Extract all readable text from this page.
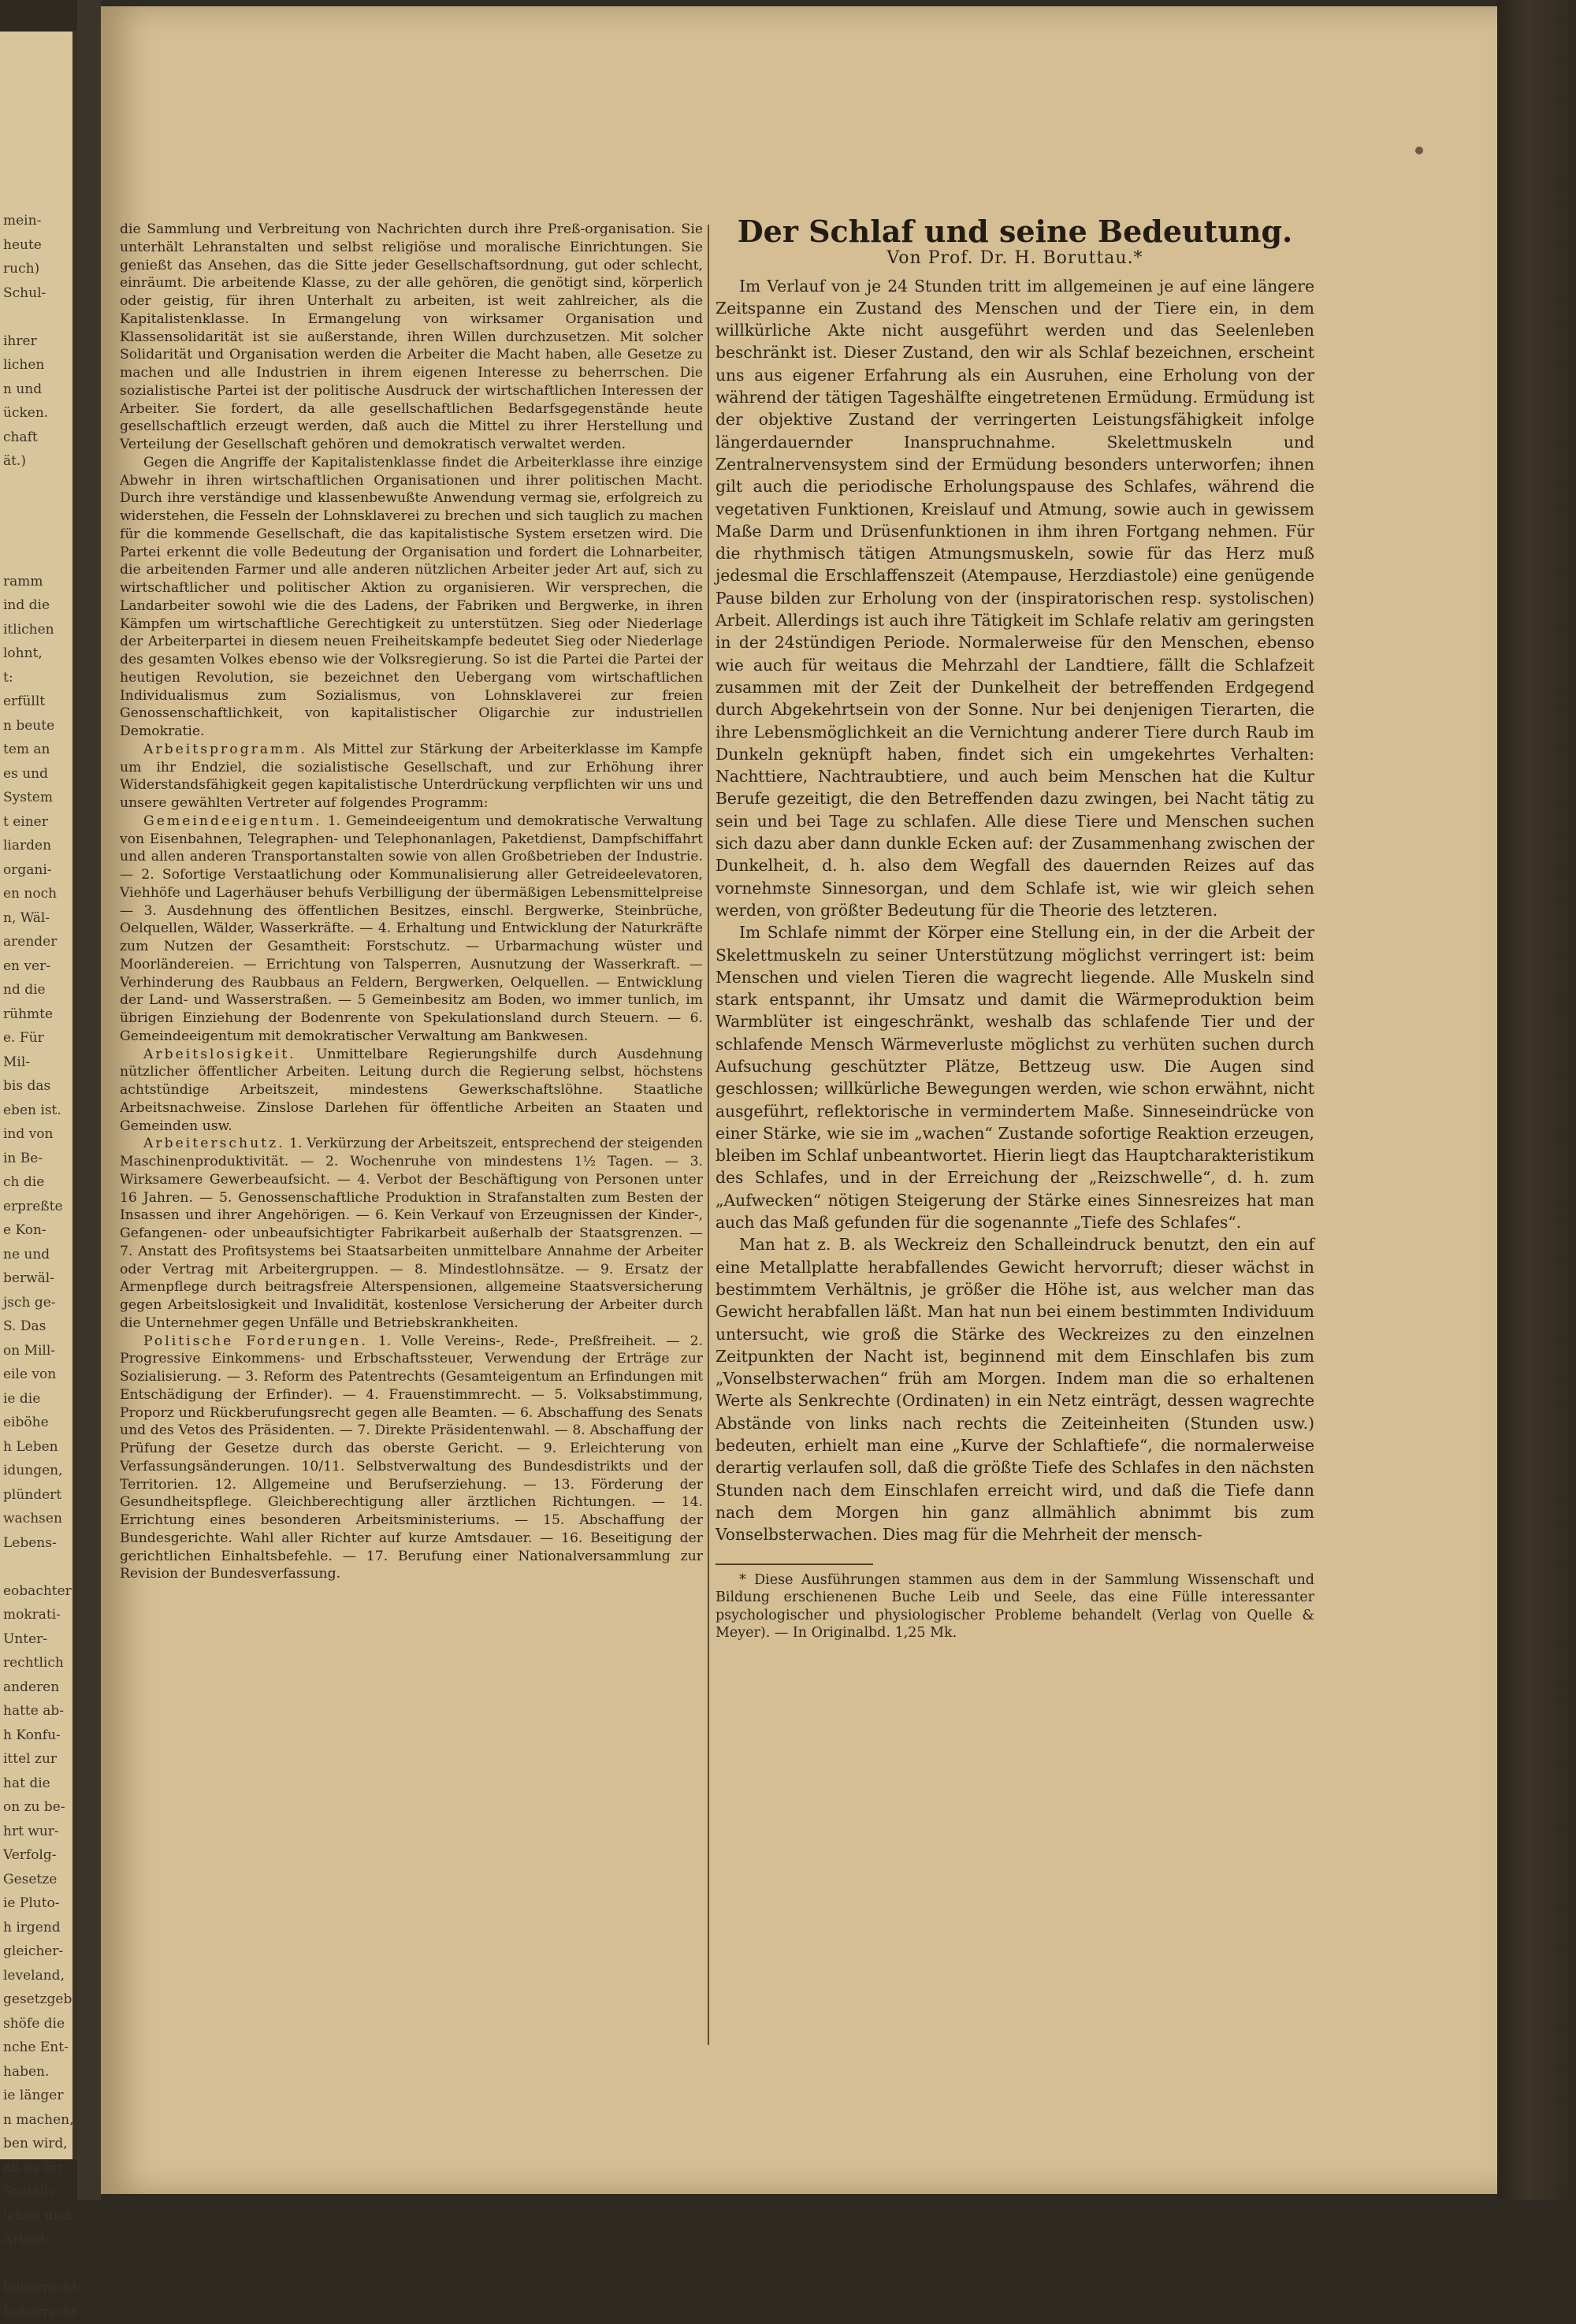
mein-
heute
ruch)
Schul-

ihrer
lichen
n und
ücken.
chaft
ät.)

ramm
ind die
itlichen
lohnt,
t:
erfüllt
n beute
tem an
es und
System
t einer
liarden
organi-
en noch
n, Wäl-
arender
en ver-
nd die
rühmte
e. Für
Mil-
bis das
eben ist.
ind von
in Be-
ch die
erpreßte
e Kon-
ne und
berwäl-
jsch ge-
S. Das
on Mill-
eile von
ie die
eiböhe
h Leben
idungen,
plündert
wachsen
Lebens-

eobachter
mokrati-
Unter-
rechtlich
anderen
hatte ab-
h Konfu-
ittel zur
hat die
on zu be-
hrt wur-
Verfolg-
Gesetze
ie Pluto-
h irgend
gleicher-
leveland,
gesetzgeb-
shöfe die
nche Ent-
haben.
ie länger
n machen,
ben wird,
aß es für
Sozialis-
iehen und
Arbeit-

beherrscht
beherrscht

die Sammlung und Verbreitung von Nachrichten durch ihre Preß-organisation. Sie unterhält Lehranstalten und selbst religiöse und moralische Einrichtungen. Sie genießt das Ansehen, das die Sitte jeder Gesellschaftsordnung, gut oder schlecht, einräumt. Die arbeitende Klasse, zu der alle gehören, die genötigt sind, körperlich oder geistig, für ihren Unterhalt zu arbeiten, ist weit zahlreicher, als die Kapitalistenklasse. In Ermangelung von wirksamer Organisation und Klassensolidarität ist sie außerstande, ihren Willen durchzusetzen. Mit solcher Solidarität und Organisation werden die Arbeiter die Macht haben, alle Gesetze zu machen und alle Industrien in ihrem eigenen Interesse zu beherrschen. Die sozialistische Partei ist der politische Ausdruck der wirtschaftlichen Interessen der Arbeiter. Sie fordert, da alle gesellschaftlichen Bedarfsgegenstände heute gesellschaftlich erzeugt werden, daß auch die Mittel zu ihrer Herstellung und Verteilung der Gesellschaft gehören und demokratisch verwaltet werden.

Gegen die Angriffe der Kapitalistenklasse findet die Arbeiterklasse ihre einzige Abwehr in ihren wirtschaftlichen Organisationen und ihrer politischen Macht. Durch ihre verständige und klassenbewußte Anwendung vermag sie, erfolgreich zu widerstehen, die Fesseln der Lohnsklaverei zu brechen und sich tauglich zu machen für die kommende Gesellschaft, die das kapitalistische System ersetzen wird. Die Partei erkennt die volle Bedeutung der Organisation und fordert die Lohnarbeiter, die arbeitenden Farmer und alle anderen nützlichen Arbeiter jeder Art auf, sich zu wirtschaftlicher und politischer Aktion zu organisieren. Wir versprechen, die Landarbeiter sowohl wie die des Ladens, der Fabriken und Bergwerke, in ihren Kämpfen um wirtschaftliche Gerechtigkeit zu unterstützen. Sieg oder Niederlage der Arbeiterpartei in diesem neuen Freiheitskampfe bedeutet Sieg oder Niederlage des gesamten Volkes ebenso wie der Volksregierung. So ist die Partei die Partei der heutigen Revolution, sie bezeichnet den Uebergang vom wirtschaftlichen Individualismus zum Sozialismus, von Lohnsklaverei zur freien Genossenschaftlichkeit, von kapitalistischer Oligarchie zur industriellen Demokratie.

Arbeitsprogramm. Als Mittel zur Stärkung der Arbeiterklasse im Kampfe um ihr Endziel, die sozialistische Gesellschaft, und zur Erhöhung ihrer Widerstandsfähigkeit gegen kapitalistische Unterdrückung verpflichten wir uns und unsere gewählten Vertreter auf folgendes Programm:

Gemeindeeigentum. 1. Gemeindeeigentum und demokratische Verwaltung von Eisenbahnen, Telegraphen- und Telephonanlagen, Paketdienst, Dampfschiffahrt und allen anderen Transportanstalten sowie von allen Großbetrieben der Industrie. — 2. Sofortige Verstaatlichung oder Kommunalisierung aller Getreideelevatoren, Viehhöfe und Lagerhäuser behufs Verbilligung der übermäßigen Lebensmittelpreise — 3. Ausdehnung des öffentlichen Besitzes, einschl. Bergwerke, Steinbrüche, Oelquellen, Wälder, Wasserkräfte. — 4. Erhaltung und Entwicklung der Naturkräfte zum Nutzen der Gesamtheit: Forstschutz. — Urbarmachung wüster und Moorländereien. — Errichtung von Talsperren, Ausnutzung der Wasserkraft. — Verhinderung des Raubbaus an Feldern, Bergwerken, Oelquellen. — Entwicklung der Land- und Wasserstraßen. — 5 Gemeinbesitz am Boden, wo immer tunlich, im übrigen Einziehung der Bodenrente von Spekulationsland durch Steuern. — 6. Gemeindeeigentum mit demokratischer Verwaltung am Bankwesen.

Arbeitslosigkeit. Unmittelbare Regierungshilfe durch Ausdehnung nützlicher öffentlicher Arbeiten. Leitung durch die Regierung selbst, höchstens achtstündige Arbeitszeit, mindestens Gewerkschaftslöhne. Staatliche Arbeitsnachweise. Zinslose Darlehen für öffentliche Arbeiten an Staaten und Gemeinden usw.

Arbeiterschutz. 1. Verkürzung der Arbeitszeit, entsprechend der steigenden Maschinenproduktivität. — 2. Wochenruhe von mindestens 1½ Tagen. — 3. Wirksamere Gewerbeaufsicht. — 4. Verbot der Beschäftigung von Personen unter 16 Jahren. — 5. Genossenschaftliche Produktion in Strafanstalten zum Besten der Insassen und ihrer Angehörigen. — 6. Kein Verkauf von Erzeugnissen der Kinder-, Gefangenen- oder unbeaufsichtigter Fabrikarbeit außerhalb der Staatsgrenzen. — 7. Anstatt des Profitsystems bei Staatsarbeiten unmittelbare Annahme der Arbeiter oder Vertrag mit Arbeitergruppen. — 8. Mindestlohnsätze. — 9. Ersatz der Armenpflege durch beitragsfreie Alterspensionen, allgemeine Staatsversicherung gegen Arbeitslosigkeit und Invalidität, kostenlose Versicherung der Arbeiter durch die Unternehmer gegen Unfälle und Betriebskrankheiten.

Politische Forderungen. 1. Volle Vereins-, Rede-, Preßfreiheit. — 2. Progressive Einkommens- und Erbschaftssteuer, Verwendung der Erträge zur Sozialisierung. — 3. Reform des Patentrechts (Gesamteigentum an Erfindungen mit Entschädigung der Erfinder). — 4. Frauenstimmrecht. — 5. Volksabstimmung, Proporz und Rückberufungsrecht gegen alle Beamten. — 6. Abschaffung des Senats und des Vetos des Präsidenten. — 7. Direkte Präsidentenwahl. — 8. Abschaffung der Prüfung der Gesetze durch das oberste Gericht. — 9. Erleichterung von Verfassungsänderungen. 10/11. Selbstverwaltung des Bundesdistrikts und der Territorien. 12. Allgemeine und Berufserziehung. — 13. Förderung der Gesundheitspflege. Gleichberechtigung aller ärztlichen Richtungen. — 14. Errichtung eines besonderen Arbeitsministeriums. — 15. Abschaffung der Bundesgerichte. Wahl aller Richter auf kurze Amtsdauer. — 16. Beseitigung der gerichtlichen Einhaltsbefehle. — 17. Berufung einer Nationalversammlung zur Revision der Bundesverfassung.

Der Schlaf und seine Bedeutung.
Von Prof. Dr. H. Boruttau.*

Im Verlauf von je 24 Stunden tritt im allgemeinen je auf eine längere Zeitspanne ein Zustand des Menschen und der Tiere ein, in dem willkürliche Akte nicht ausgeführt werden und das Seelenleben beschränkt ist. Dieser Zustand, den wir als Schlaf bezeichnen, erscheint uns aus eigener Erfahrung als ein Ausruhen, eine Erholung von der während der tätigen Tageshälfte eingetretenen Ermüdung. Ermüdung ist der objektive Zustand der verringerten Leistungsfähigkeit infolge längerdauernder Inanspruchnahme. Skelettmuskeln und Zentralnervensystem sind der Ermüdung besonders unterworfen; ihnen gilt auch die periodische Erholungspause des Schlafes, während die vegetativen Funktionen, Kreislauf und Atmung, sowie auch in gewissem Maße Darm und Drüsenfunktionen in ihm ihren Fortgang nehmen. Für die rhythmisch tätigen Atmungsmuskeln, sowie für das Herz muß jedesmal die Erschlaffenszeit (Atempause, Herzdiastole) eine genügende Pause bilden zur Erholung von der (inspiratorischen resp. systolischen) Arbeit. Allerdings ist auch ihre Tätigkeit im Schlafe relativ am geringsten in der 24stündigen Periode. Normalerweise für den Menschen, ebenso wie auch für weitaus die Mehrzahl der Landtiere, fällt die Schlafzeit zusammen mit der Zeit der Dunkelheit der betreffenden Erdgegend durch Abgekehrtsein von der Sonne. Nur bei denjenigen Tierarten, die ihre Lebensmöglichkeit an die Vernichtung anderer Tiere durch Raub im Dunkeln geknüpft haben, findet sich ein umgekehrtes Verhalten: Nachttiere, Nachtraubtiere, und auch beim Menschen hat die Kultur Berufe gezeitigt, die den Betreffenden dazu zwingen, bei Nacht tätig zu sein und bei Tage zu schlafen. Alle diese Tiere und Menschen suchen sich dazu aber dann dunkle Ecken auf: der Zusammenhang zwischen der Dunkelheit, d. h. also dem Wegfall des dauernden Reizes auf das vornehmste Sinnesorgan, und dem Schlafe ist, wie wir gleich sehen werden, von größter Bedeutung für die Theorie des letzteren.

Im Schlafe nimmt der Körper eine Stellung ein, in der die Arbeit der Skelettmuskeln zu seiner Unterstützung möglichst verringert ist: beim Menschen und vielen Tieren die wagrecht liegende. Alle Muskeln sind stark entspannt, ihr Umsatz und damit die Wärmeproduktion beim Warmblüter ist eingeschränkt, weshalb das schlafende Tier und der schlafende Mensch Wärmeverluste möglichst zu verhüten suchen durch Aufsuchung geschützter Plätze, Bettzeug usw. Die Augen sind geschlossen; willkürliche Bewegungen werden, wie schon erwähnt, nicht ausgeführt, reflektorische in vermindertem Maße. Sinneseindrücke von einer Stärke, wie sie im „wachen“ Zustande sofortige Reaktion erzeugen, bleiben im Schlaf unbeantwortet. Hierin liegt das Hauptcharakteristikum des Schlafes, und in der Erreichung der „Reizschwelle“, d. h. zum „Aufwecken“ nötigen Steigerung der Stärke eines Sinnesreizes hat man auch das Maß gefunden für die sogenannte „Tiefe des Schlafes“.

Man hat z. B. als Weckreiz den Schalleindruck benutzt, den ein auf eine Metallplatte herabfallendes Gewicht hervorruft; dieser wächst in bestimmtem Verhältnis, je größer die Höhe ist, aus welcher man das Gewicht herabfallen läßt. Man hat nun bei einem bestimmten Individuum untersucht, wie groß die Stärke des Weckreizes zu den einzelnen Zeitpunkten der Nacht ist, beginnend mit dem Einschlafen bis zum „Vonselbsterwachen“ früh am Morgen. Indem man die so erhaltenen Werte als Senkrechte (Ordinaten) in ein Netz einträgt, dessen wagrechte Abstände von links nach rechts die Zeiteinheiten (Stunden usw.) bedeuten, erhielt man eine „Kurve der Schlaftiefe“, die normalerweise derartig verlaufen soll, daß die größte Tiefe des Schlafes in den nächsten Stunden nach dem Einschlafen erreicht wird, und daß die Tiefe dann nach dem Morgen hin ganz allmählich abnimmt bis zum Vonselbsterwachen. Dies mag für die Mehrheit der mensch-

* Diese Ausführungen stammen aus dem in der Sammlung Wissenschaft und Bildung erschienenen Buche Leib und Seele, das eine Fülle interessanter psychologischer und physiologischer Probleme behandelt (Verlag von Quelle & Meyer). — In Originalbd. 1,25 Mk.
